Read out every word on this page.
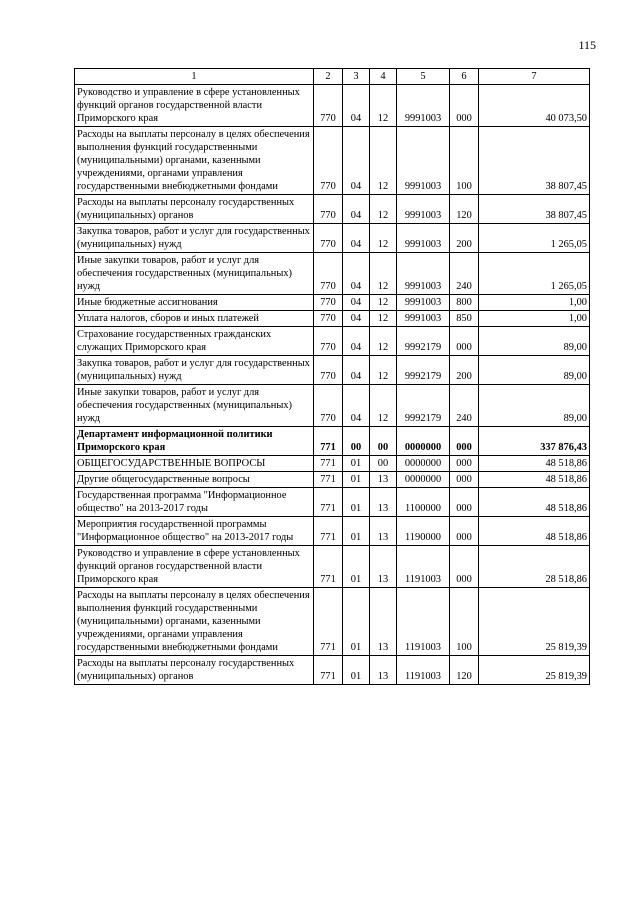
115
1	2	3	4	5	6	7
Руководство и управление в сфере установленных функций органов государственной власти Приморского края	770	04	12	9991003	000	40 073,50
Расходы на выплаты персоналу в целях обеспечения выполнения функций государственными (муниципальными) органами, казенными учреждениями, органами управления государственными внебюджетными фондами	770	04	12	9991003	100	38 807,45
Расходы на выплаты персоналу государственных (муниципальных) органов	770	04	12	9991003	120	38 807,45
Закупка товаров, работ и услуг для государственных (муниципальных) нужд	770	04	12	9991003	200	1 265,05
Иные закупки товаров, работ и услуг для обеспечения государственных (муниципальных) нужд	770	04	12	9991003	240	1 265,05
Иные бюджетные ассигнования	770	04	12	9991003	800	1,00
Уплата налогов, сборов и иных платежей	770	04	12	9991003	850	1,00
Страхование государственных гражданских служащих Приморского края	770	04	12	9992179	000	89,00
Закупка товаров, работ и услуг для государственных (муниципальных) нужд	770	04	12	9992179	200	89,00
Иные закупки товаров, работ и услуг для обеспечения государственных (муниципальных) нужд	770	04	12	9992179	240	89,00
Департамент информационной политики Приморского края	771	00	00	0000000	000	337 876,43
ОБЩЕГОСУДАРСТВЕННЫЕ ВОПРОСЫ	771	01	00	0000000	000	48 518,86
Другие общегосударственные вопросы	771	01	13	0000000	000	48 518,86
Государственная программа "Информационное общество" на 2013-2017 годы	771	01	13	1100000	000	48 518,86
Мероприятия государственной программы "Информационное общество" на 2013-2017 годы	771	01	13	1190000	000	48 518,86
Руководство и управление в сфере установленных функций органов государственной власти Приморского края	771	01	13	1191003	000	28 518,86
Расходы на выплаты персоналу в целях обеспечения выполнения функций государственными (муниципальными) органами, казенными учреждениями, органами управления государственными внебюджетными фондами	771	01	13	1191003	100	25 819,39
Расходы на выплаты персоналу государственных (муниципальных) органов	771	01	13	1191003	120	25 819,39
